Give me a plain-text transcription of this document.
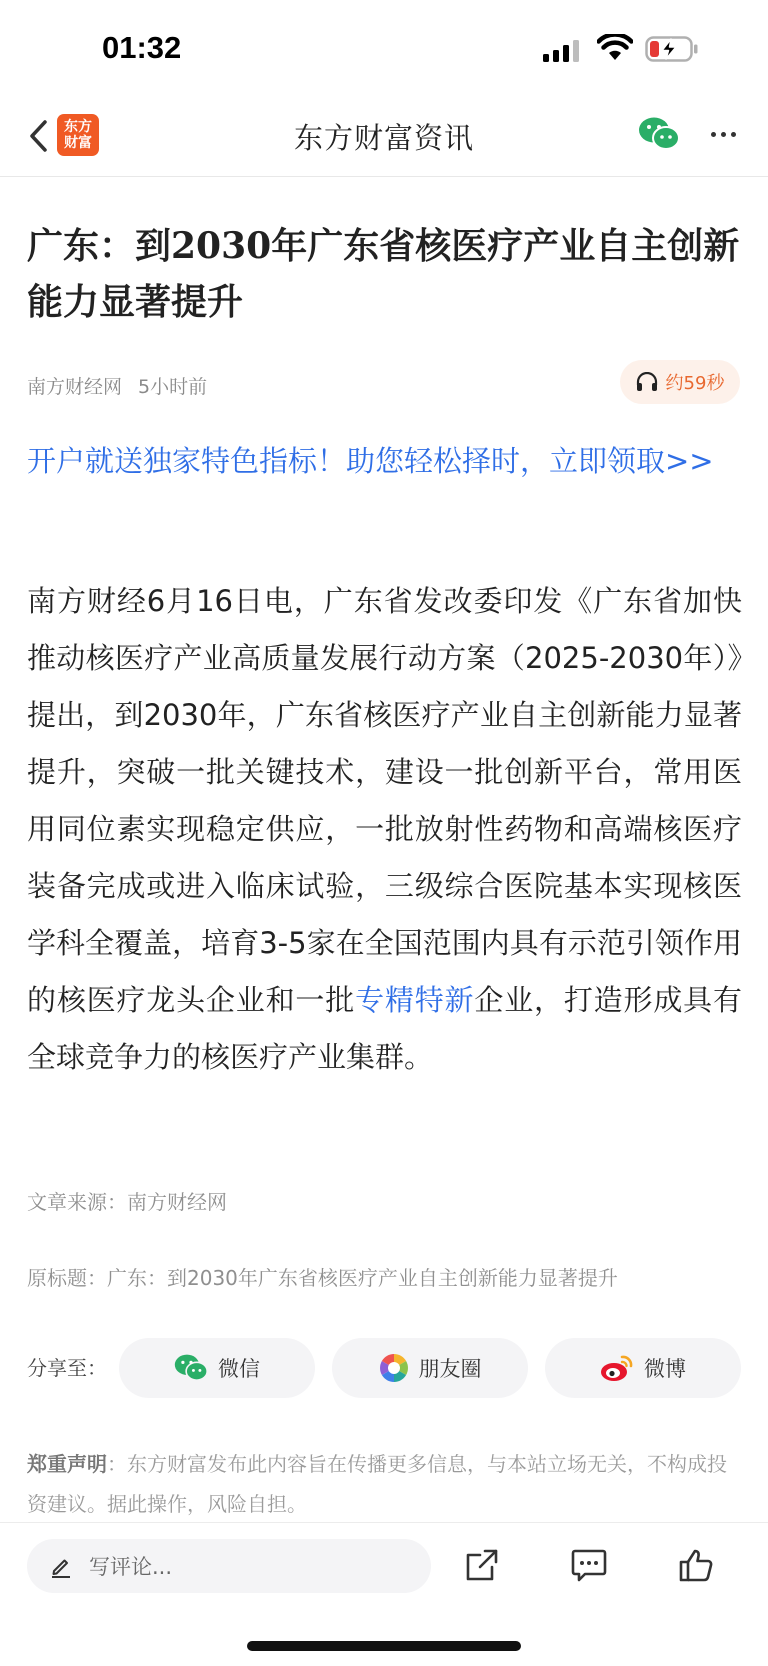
01:32
东方
财富	东方财富资讯
广东：到2030年广东省核医疗产业自主创新能力显著提升
南方财经网 5小时前	约59秒
开户就送独家特色指标！助您轻松择时，立即领取>>
南方财经6月16日电，广东省发改委印发《广东省加快推动核医疗产业高质量发展行动方案（2025-2030年）》提出，到2030年，广东省核医疗产业自主创新能力显著提升，突破一批关键技术，建设一批创新平台，常用医用同位素实现稳定供应，一批放射性药物和高端核医疗装备完成或进入临床试验，三级综合医院基本实现核医学科全覆盖，培育3-5家在全国范围内具有示范引领作用的核医疗龙头企业和一批专精特新企业，打造形成具有全球竞争力的核医疗产业集群。
文章来源：南方财经网
原标题：广东：到2030年广东省核医疗产业自主创新能力显著提升
分享至：	微信	朋友圈	微博
郑重声明：东方财富发布此内容旨在传播更多信息，与本站立场无关，不构成投资建议。据此操作，风险自担。
写评论...
